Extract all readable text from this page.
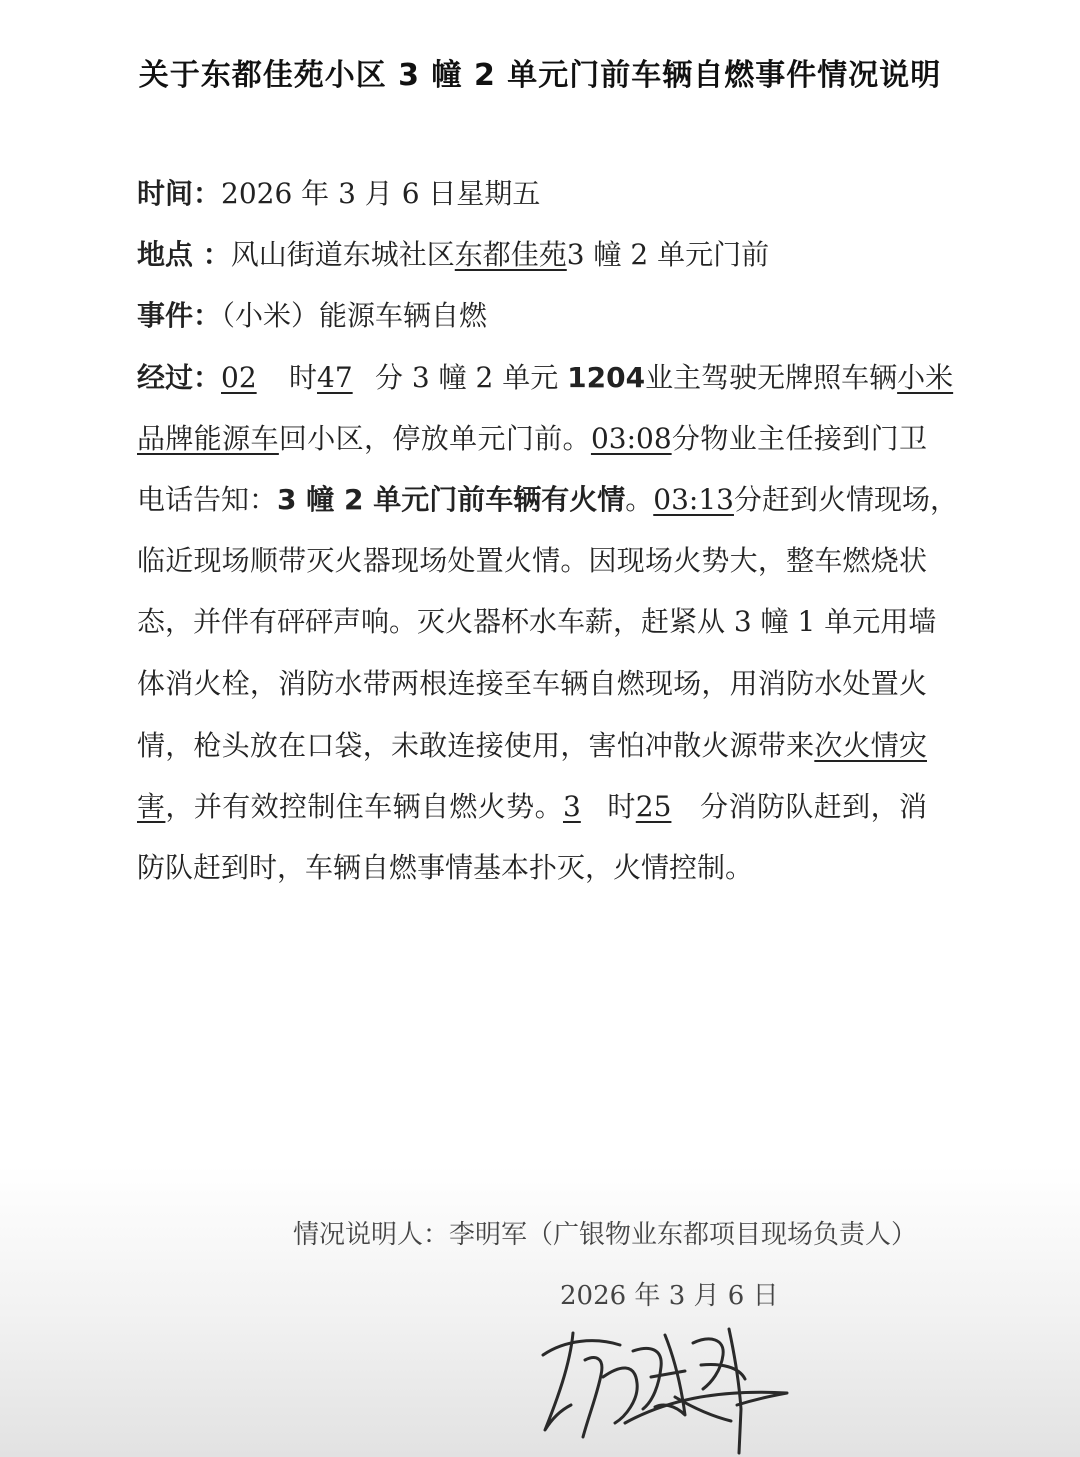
关于东都佳苑小区 3 幢 2 单元门前车辆自燃事件情况说明
时间：2026 年 3 月 6 日星期五
地点 ：风山街道东城社区东都佳苑3 幢 2 单元门前
事件：（小米）能源车辆自燃
经过：02 时47 分 3 幢 2 单元 1204业主驾驶无牌照车辆小米
品牌能源车回小区，停放单元门前。03:08分物业主任接到门卫
电话告知：3 幢 2 单元门前车辆有火情。03:13分赶到火情现场，
临近现场顺带灭火器现场处置火情。因现场火势大，整车燃烧状
态，并伴有砰砰声响。灭火器杯水车薪，赶紧从 3 幢 1 单元用墙
体消火栓，消防水带两根连接至车辆自燃现场，用消防水处置火
情，枪头放在口袋，未敢连接使用，害怕冲散火源带来次火情灾
害，并有效控制住车辆自燃火势。3 时25 分消防队赶到，消
防队赶到时，车辆自燃事情基本扑灭，火情控制。
情况说明人：李明军（广银物业东都项目现场负责人）
2026 年 3 月 6 日
